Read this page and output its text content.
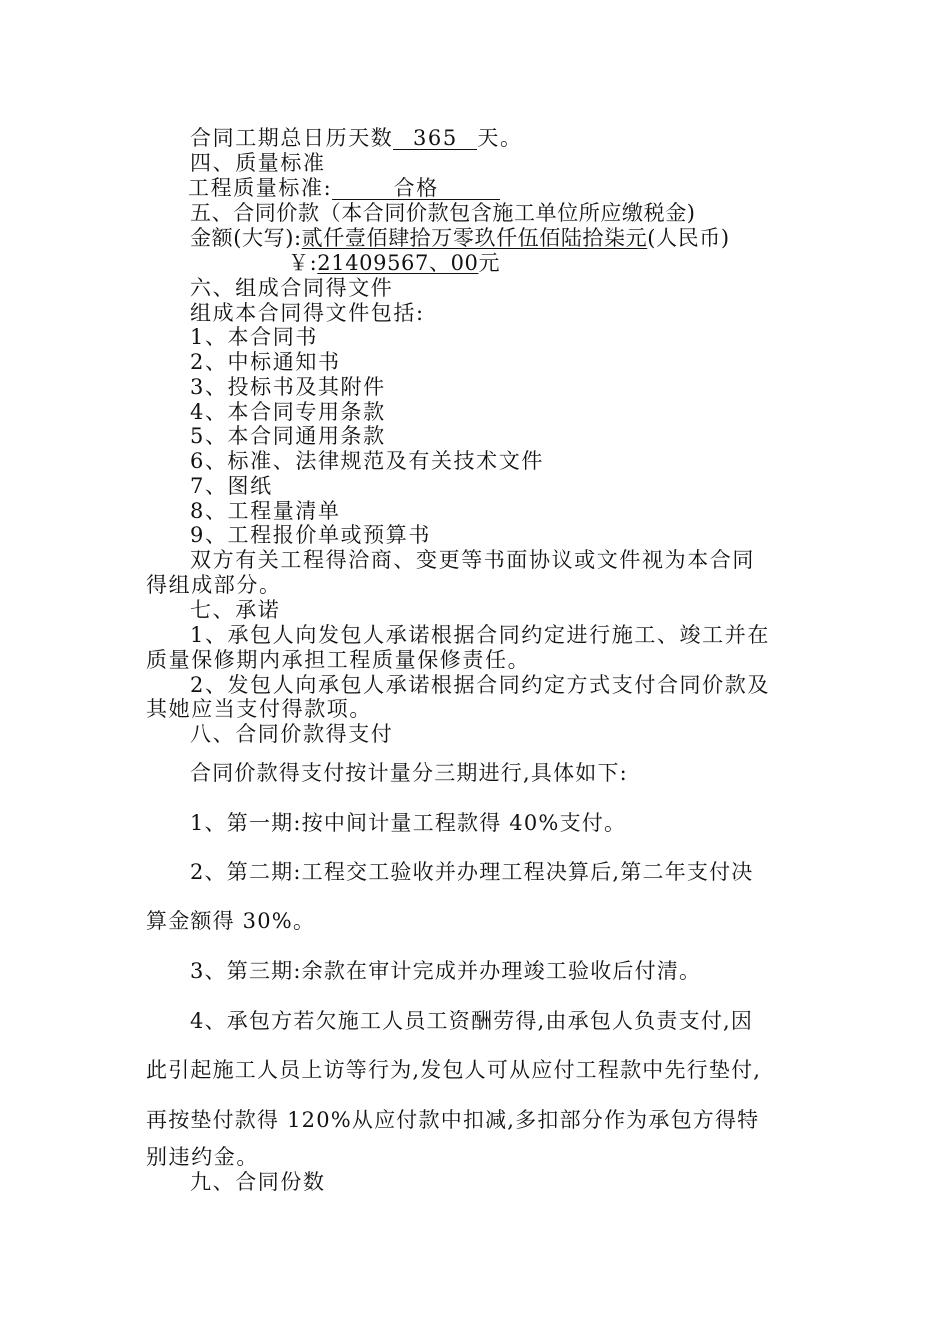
合同工期总日历天数 365 天。
四、质量标准
工程质量标准:	合格
五、合同价款（本合同价款包含施工单位所应缴税金)
金额(大写):贰仟壹佰肆拾万零玖仟伍佰陆拾柒元(人民币)
￥:21409567、00元
六、组成合同得文件
组成本合同得文件包括:
1、本合同书
2、中标通知书
3、投标书及其附件
4、本合同专用条款
5、本合同通用条款
6、标准、法律规范及有关技术文件
7、图纸
8、工程量清单
9、工程报价单或预算书
双方有关工程得洽商、变更等书面协议或文件视为本合同
得组成部分。
七、承诺
1、承包人向发包人承诺根据合同约定进行施工、竣工并在
质量保修期内承担工程质量保修责任。
2、发包人向承包人承诺根据合同约定方式支付合同价款及
其她应当支付得款项。
八、合同价款得支付
合同价款得支付按计量分三期进行,具体如下:
1、第一期:按中间计量工程款得 40%支付。
2、第二期:工程交工验收并办理工程决算后,第二年支付决
算金额得 30%。
3、第三期:余款在审计完成并办理竣工验收后付清。
4、承包方若欠施工人员工资酬劳得,由承包人负责支付,因
此引起施工人员上访等行为,发包人可从应付工程款中先行垫付,
再按垫付款得 120%从应付款中扣减,多扣部分作为承包方得特
别违约金。
九、合同份数
